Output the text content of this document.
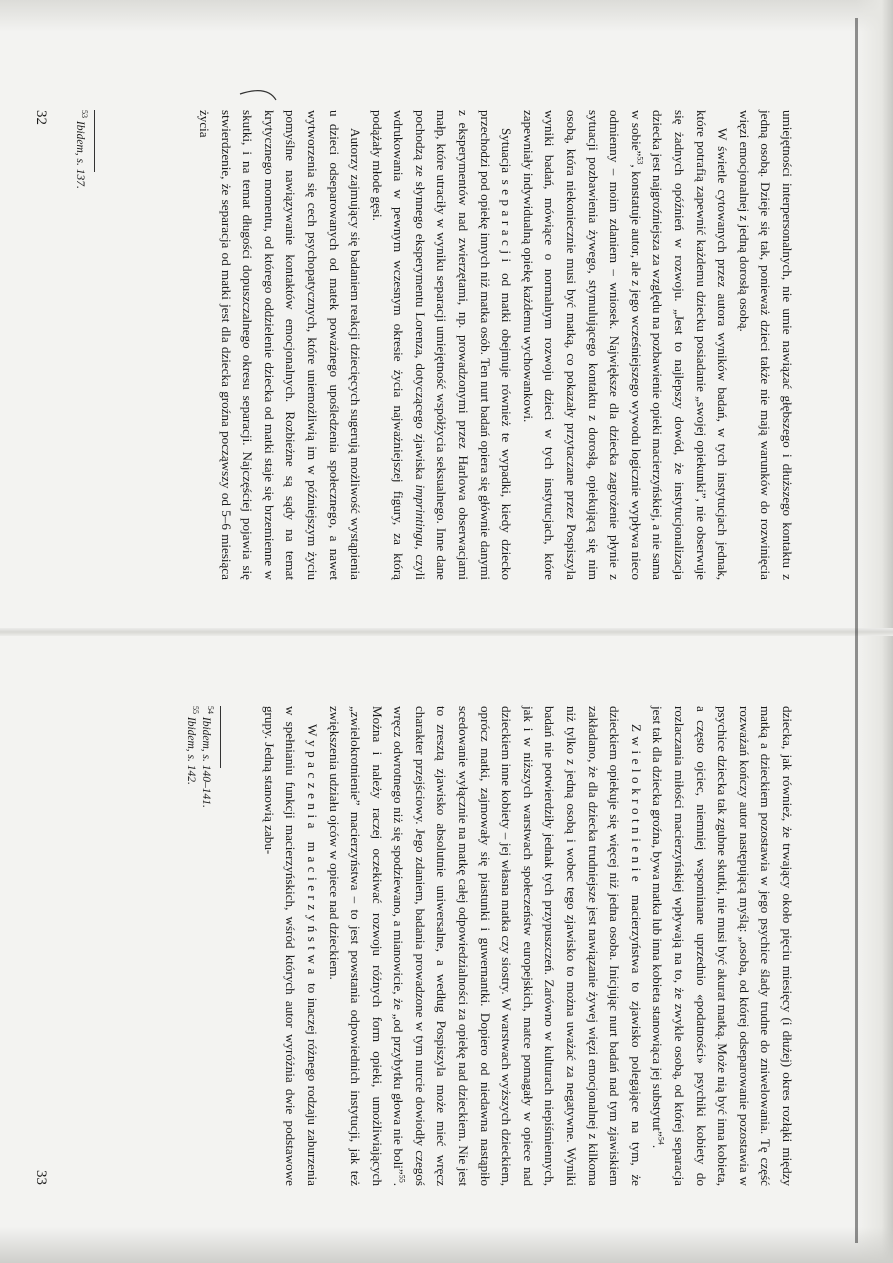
umiejętności interpersonalnych, nie umie nawiązać głębszego i dłuższego kontaktu z jedną osobą. Dzieje się tak, ponieważ dzieci także nie mają warunków do rozwinięcia więzi emocjonalnej z jedną dorosłą osobą.

W świetle cytowanych przez autora wyników badań, w tych instytucjach jednak, które potrafią zapewnić każdemu dziecku posiadanie „swojej opiekunki”, nie obserwuje się żadnych opóźnień w rozwoju. „Jest to najlepszy dowód, że instytucjonalizacja dziecka jest najgroźniejsza za względu na pozbawienie opieki macierzyńskiej, a nie sama w sobie”$^{53}$, konstatuje autor, ale z jego wcześniejszego wywodu logicznie wypływa nieco odmienny – moim zdaniem – wniosek. Największe dla dziecka zagrożenie płynie z sytuacji pozbawienia żywego, stymulującego kontaktu z dorosłą, opiekującą się nim osobą, która niekoniecznie musi być matką, co pokazały przytaczane przez Pospiszyla wyniki badań, mówiące o normalnym rozwoju dzieci w tych instytucjach, które zapewniały indywidualną opiekę każdemu wychowankowi.

Sytuacja separacji od matki obejmuje również te wypadki, kiedy dziecko przechodzi pod opiekę innych niż matka osób. Ten nurt badań opiera się głównie danymi z eksperymentów nad zwierzętami, np. prowadzonymi przez Harlowa obserwacjami małp, które utraciły w wyniku separacji umiejętność współżycia seksualnego. Inne dane pochodzą ze słynnego eksperymentu Lorenza, dotyczącego zjawiska imprintingu, czyli wdrukowania w pewnym wczesnym okresie życia najważniejszej figury, za którą podążały młode gęsi.

Autorzy zajmujący się badaniem reakcji dziecięcych sugerują możliwość wystąpienia u dzieci odseparowanych od matek poważnego upośledzenia społecznego, a nawet wytworzenia się cech psychopatycznych, które uniemożliwią im w późniejszym życiu pomyślne nawiązywanie kontaktów emocjonalnych. Rozbieżne są sądy na temat krytycznego momentu, od którego oddzielenie dziecka od matki staje się brzemienne w skutki, i na temat długości dopuszczalnego okresu separacji. Najczęściej pojawia się stwierdzenie, że separacja od matki jest dla dziecka groźna począwszy od 5–6 miesiąca życia

$^{53}$ Ibidem, s. 137.
32

dziecka, jak również, że trwający około pięciu miesięcy (i dłużej) okres rozłąki między matką a dzieckiem pozostawia w jego psychice ślady trudne do zniwelowania. Tę część rozważań kończy autor następującą myślą: „osoba, od której odseparowanie pozostawia w psychice dziecka tak zgubne skutki, nie musi być akurat matką. Może nią być inna kobieta, a często ojciec, niemniej wspominane uprzednio «podatności» psychiki kobiety do rozlaczania miłości macierzyńskiej wpływają na to, że zwykle osobą, od której separacja jest tak dla dziecka groźna, bywa matka lub inna kobieta stanowiąca jej substytut”$^{54}$.

Zwielokrotnienie macierzyństwa to zjawisko polegające na tym, że dzieckiem opiekuje się więcej niż jedna osoba. Inicjując nurt badań nad tym zjawiskiem zakładano, że dla dziecka trudniejsze jest nawiązanie żywej więzi emocjonalnej z kilkoma niż tylko z jedną osobą i wobec tego zjawisko to można uważać za negatywne. Wyniki badań nie potwierdziły jednak tych przypuszczeń. Zarówno w kulturach niepiśmiennych, jak i w niższych warstwach społeczeństw europejskich, matce pomagały w opiece nad dzieckiem inne kobiety – jej własna matka czy siostry. W warstwach wyższych dzieckiem, oprócz matki, zajmowały się piastunki i guwernantki. Dopiero od niedawna nastąpiło scedowanie wyłącznie na matkę całej odpowiedzialności za opiekę nad dzieckiem. Nie jest to zresztą zjawisko absolutnie uniwersalne, a według Pospiszyla może mieć wręcz charakter przejściowy. Jego zdaniem, badania prowadzone w tym nurcie dowiodły czegoś wręcz odwrotnego niż się spodziewano, a mianowicie, że „od przybytku głowa nie boli”$^{55}$. Można i należy raczej oczekiwać rozwoju różnych form opieki, umożliwiających „zwielokrotnienie” macierzyństwa – to jest powstania odpowiednich instytucji, jak też zwiększenia udziału ojców w opiece nad dzieckiem.

Wypaczenia macierzyństwa to inaczej różnego rodzaju zaburzenia w spełnianiu funkcji macierzyńskich, wśród których autor wyróżnia dwie podstawowe grupy. Jedną stanowią zabu-

$^{54}$ Ibidem, s. 140–141.
$^{55}$ Ibidem, s. 142.
33
